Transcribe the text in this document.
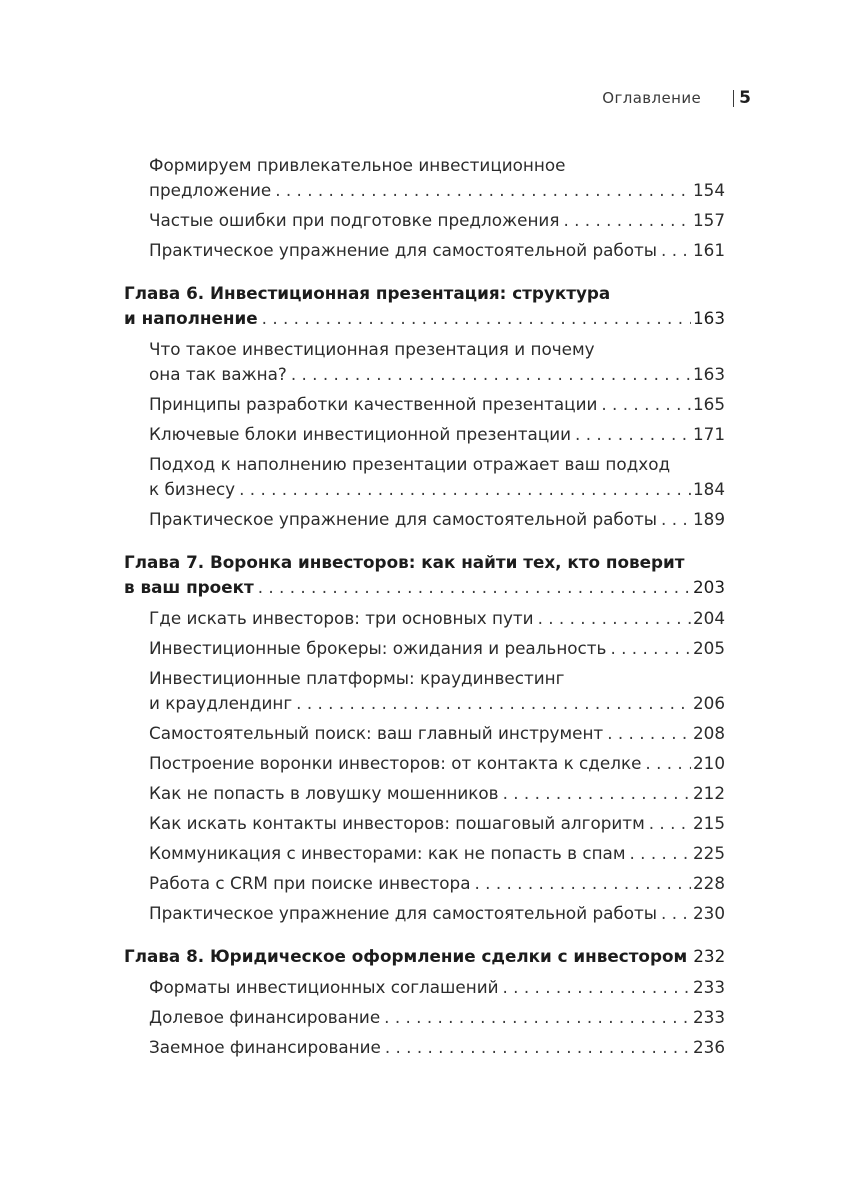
Оглавление 5
Формируем привлекательное инвестиционное
предложение . . .	154
Частые ошибки при подготовке предложения . . .	157
Практическое упражнение для самостоятельной работы . . . 161
Глава 6. Инвестиционная презентация: структура
и наполнение . . .	163
Что такое инвестиционная презентация и почему
она так важна? . . .	163
Принципы разработки качественной презентации . . .	165
Ключевые блоки инвестиционной презентации . . .	171
Подход к наполнению презентации отражает ваш подход
к бизнесу . . .	184
Практическое упражнение для самостоятельной работы . . . 189
Глава 7. Воронка инвесторов: как найти тех, кто поверит
в ваш проект . . .	203
Где искать инвесторов: три основных пути . . .	204
Инвестиционные брокеры: ожидания и реальность . . .	205
Инвестиционные платформы: краудинвестинг
и краудлендинг . . .	206
Самостоятельный поиск: ваш главный инструмент . . .	208
Построение воронки инвесторов: от контакта к сделке . . .	210
Как не попасть в ловушку мошенников . . .	212
Как искать контакты инвесторов: пошаговый алгоритм . . .	215
Коммуникация с инвесторами: как не попасть в спам . . .	225
Работа с CRM при поиске инвестора . . .	228
Практическое упражнение для самостоятельной работы . . . 230
Глава 8. Юридическое оформление сделки с инвестором 232
Форматы инвестиционных соглашений . . .	233
Долевое финансирование . . .	233
Заемное финансирование . . .	236
